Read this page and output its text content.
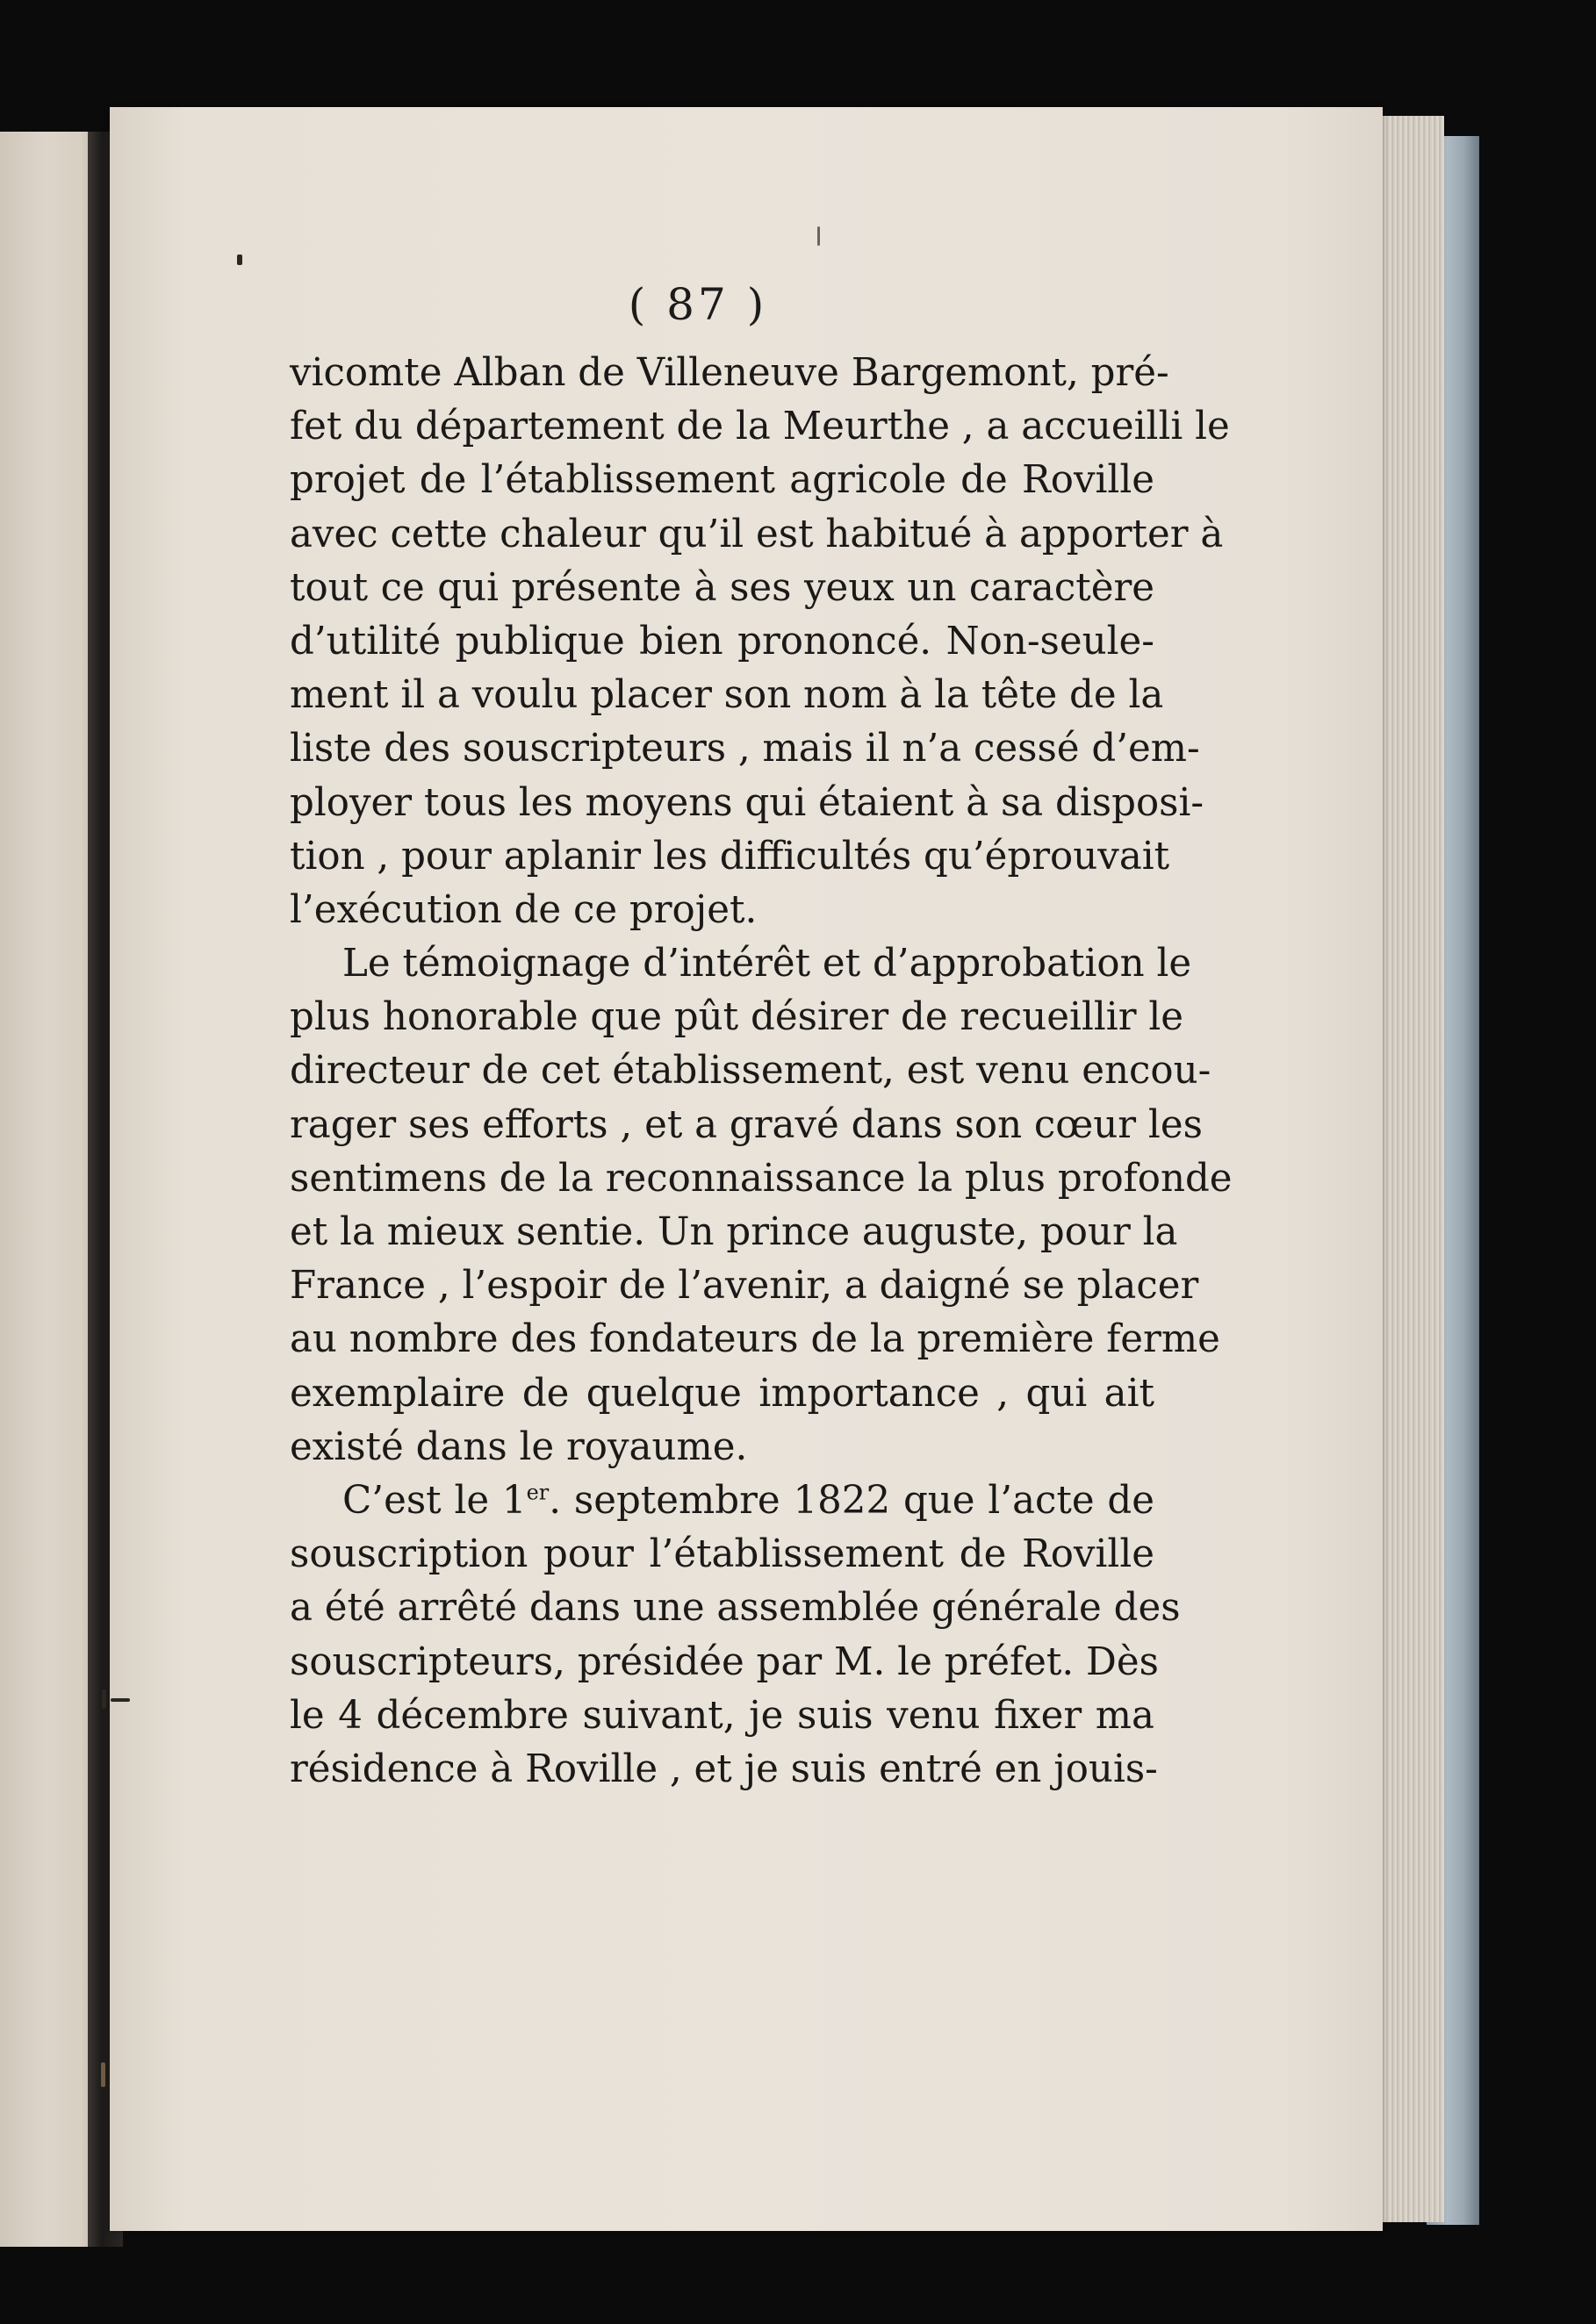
( 87 )
vicomte Alban de Villeneuve Bargemont, pré-
fet du département de la Meurthe , a accueilli le
projet de l’établissement agricole de Roville
avec cette chaleur qu’il est habitué à apporter à
tout ce qui présente à ses yeux un caractère
d’utilité publique bien prononcé. Non-seule-
ment il a voulu placer son nom à la tête de la
liste des souscripteurs , mais il n’a cessé d’em-
ployer tous les moyens qui étaient à sa disposi-
tion , pour aplanir les difficultés qu’éprouvait
l’exécution de ce projet.
Le témoignage d’intérêt et d’approbation le
plus honorable que pût désirer de recueillir le
directeur de cet établissement, est venu encou-
rager ses efforts , et a gravé dans son cœur les
sentimens de la reconnaissance la plus profonde
et la mieux sentie. Un prince auguste, pour la
France , l’espoir de l’avenir, a daigné se placer
au nombre des fondateurs de la première ferme
exemplaire de quelque importance , qui ait
existé dans le royaume.
C’est le 1er. septembre 1822 que l’acte de
souscription pour l’établissement de Roville
a été arrêté dans une assemblée générale des
souscripteurs, présidée par M. le préfet. Dès
le 4 décembre suivant, je suis venu fixer ma
résidence à Roville , et je suis entré en jouis-
